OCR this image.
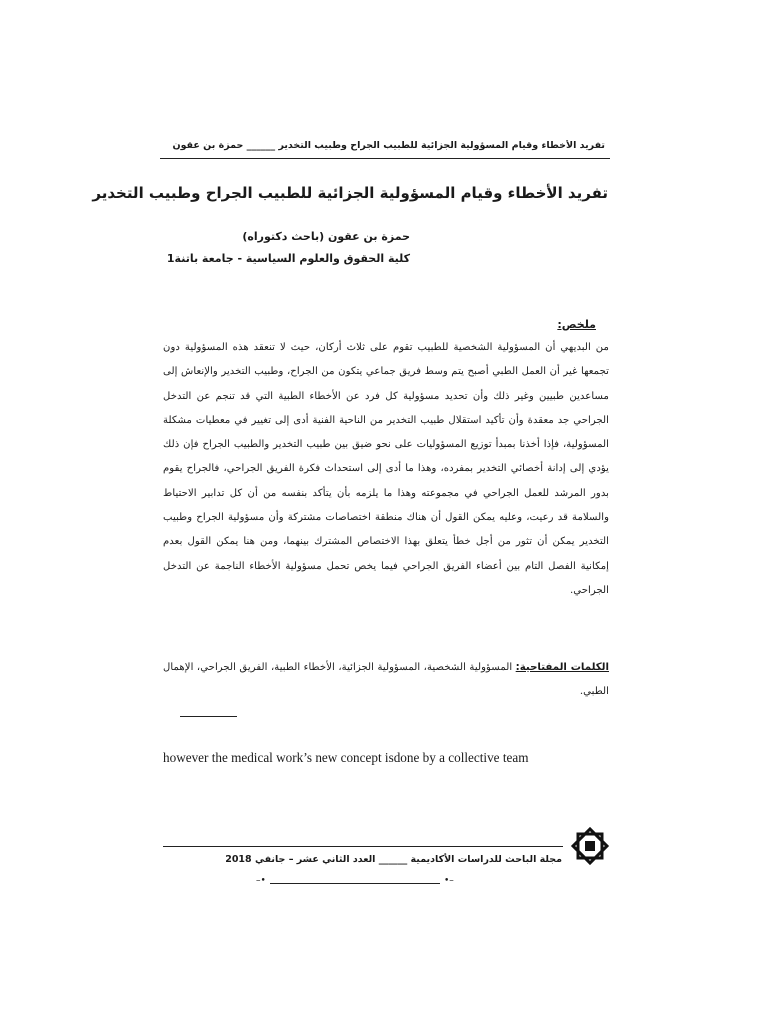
تفريد الأخطاء وقيام المسؤولية الجزائية للطبيب الجراح وطبيب التخدير ______ حمزة بن عقون
تفريد الأخطاء وقيام المسؤولية الجزائية للطبيب الجراح وطبيب التخدير
حمزة بن عقون (باحث دكتوراه)
كلية الحقوق والعلوم السياسية - جامعة باتنة1
ملخص:
من البديهي أن المسؤولية الشخصية للطبيب تقوم على ثلاث أركان، حيث لا تنعقد هذه المسؤولية دون تجمعها غير أن العمل الطبي أصبح يتم وسط فريق جماعي يتكون من الجراح، وطبيب التخدير والإنعاش إلى مساعدين طبيين وغير ذلك وأن تحديد مسؤولية كل فرد عن الأخطاء الطبية التي قد تنجم عن التدخل الجراحي جد معقدة وأن تأكيد استقلال طبيب التخدير من الناحية الفنية أدى إلى تغيير في معطيات مشكلة المسؤولية، فإذا أخذنا بمبدأ توزيع المسؤوليات على نحو ضيق بين طبيب التخدير والطبيب الجراح فإن ذلك يؤدي إلى إدانة أخصائي التخدير بمفرده، وهذا ما أدى إلى استحداث فكرة الفريق الجراحي، فالجراح يقوم بدور المرشد للعمل الجراحي في مجموعته وهذا ما يلزمه بأن يتأكد بنفسه من أن كل تدابير الاحتياط والسلامة قد رعيت، وعليه يمكن القول أن هناك منطقة اختصاصات مشتركة وأن مسؤولية الجراح وطبيب التخدير يمكن أن تثور من أجل خطأ يتعلق بهذا الاختصاص المشترك بينهما، ومن هنا يمكن القول بعدم إمكانية الفصل التام بين أعضاء الفريق الجراحي فيما يخص تحمل مسؤولية الأخطاء الناجمة عن التدخل الجراحي.
الكلمات المفتاحية: المسؤولية الشخصية، المسؤولية الجزائية، الأخطاء الطبية، الفريق الجراحي، الإهمال الطبي.
however the medical work’s new concept isdone by a collective team
مجلة الباحث للدراسات الأكاديمية ______ العدد الثاني عشر – جانفي 2018
–•	•–
